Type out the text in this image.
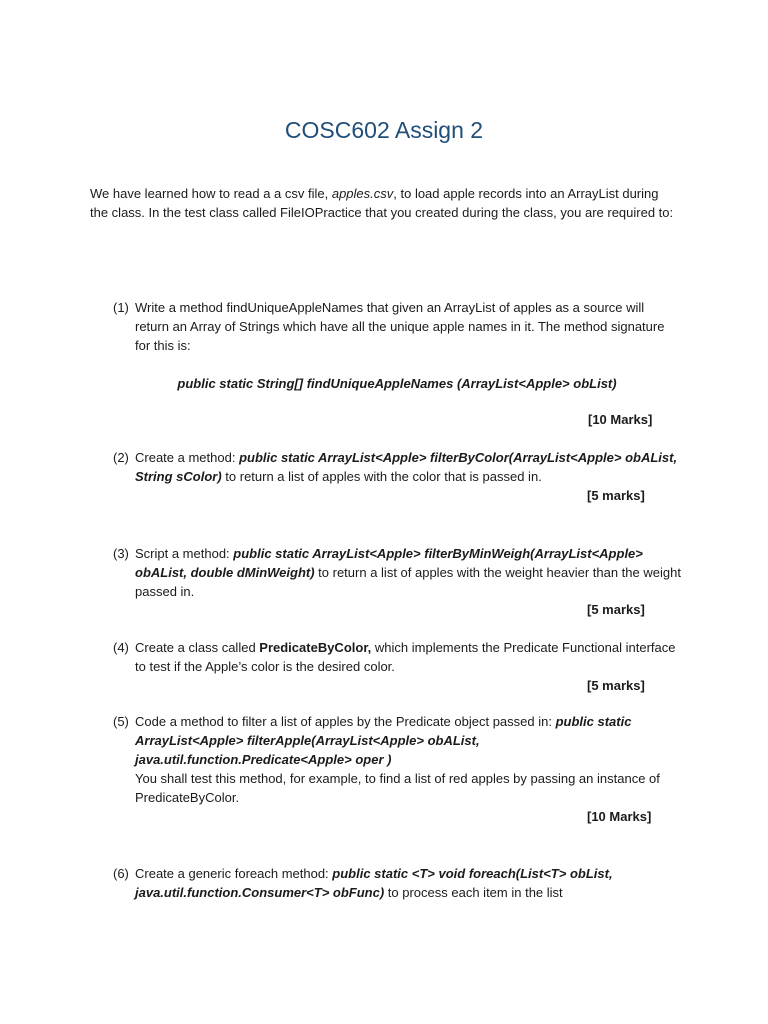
COSC602 Assign 2
We have learned how to read a a csv file, apples.csv, to load apple records into an ArrayList during the class. In the test class called FileIOPractice that you created during the class, you are required to:
(1) Write a method findUniqueAppleNames that given an ArrayList of apples as a source will return an Array of Strings which have all the unique apple names in it. The method signature for this is:
public static String[] findUniqueAppleNames (ArrayList<Apple> obList)
[10 Marks]
(2) Create a method: public static ArrayList<Apple> filterByColor(ArrayList<Apple> obAList, String sColor) to return a list of apples with the color that is passed in.
[5 marks]
(3) Script a method: public static ArrayList<Apple> filterByMinWeigh(ArrayList<Apple> obAList, double dMinWeight) to return a list of apples with the weight heavier than the weight passed in.
[5 marks]
(4) Create a class called PredicateByColor, which implements the Predicate Functional interface to test if the Apple’s color is the desired color.
[5 marks]
(5) Code a method to filter a list of apples by the Predicate object passed in: public static ArrayList<Apple> filterApple(ArrayList<Apple> obAList, java.util.function.Predicate<Apple> oper )
You shall test this method, for example, to find a list of red apples by passing an instance of PredicateByColor.
[10 Marks]
(6) Create a generic foreach method: public static <T> void foreach(List<T> obList, java.util.function.Consumer<T> obFunc) to process each item in the list
